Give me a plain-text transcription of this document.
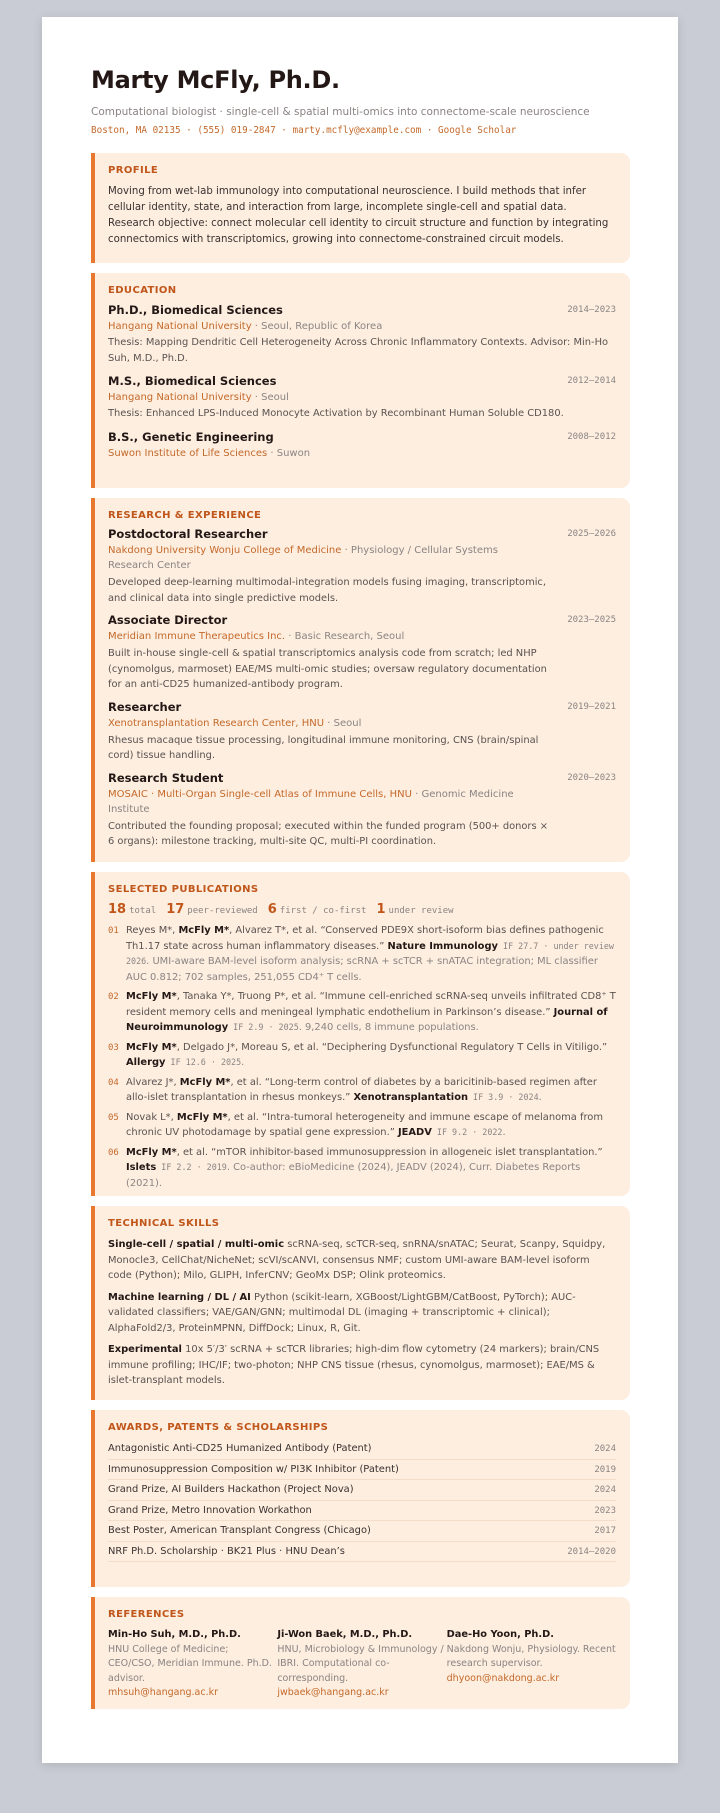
Marty McFly, Ph.D.
Computational biologist · single-cell & spatial multi-omics into connectome-scale neuroscience
Boston, MA 02135 · (555) 019-2847 · marty.mcfly@example.com · Google Scholar
PROFILE
Moving from wet-lab immunology into computational neuroscience. I build methods that infer cellular identity, state, and interaction from large, incomplete single-cell and spatial data. Research objective: connect molecular cell identity to circuit structure and function by integrating connectomics with transcriptomics, growing into connectome-constrained circuit models.
EDUCATION
Ph.D., Biomedical Sciences	2014–2023
Hangang National University · Seoul, Republic of Korea
Thesis: Mapping Dendritic Cell Heterogeneity Across Chronic Inflammatory Contexts. Advisor: Min-Ho Suh, M.D., Ph.D.
M.S., Biomedical Sciences	2012–2014
Hangang National University · Seoul
Thesis: Enhanced LPS-Induced Monocyte Activation by Recombinant Human Soluble CD180.
B.S., Genetic Engineering	2008–2012
Suwon Institute of Life Sciences · Suwon
RESEARCH & EXPERIENCE
Postdoctoral Researcher	2025–2026
Nakdong University Wonju College of Medicine · Physiology / Cellular Systems Research Center
Developed deep-learning multimodal-integration models fusing imaging, transcriptomic, and clinical data into single predictive models.
Associate Director	2023–2025
Meridian Immune Therapeutics Inc. · Basic Research, Seoul
Built in-house single-cell & spatial transcriptomics analysis code from scratch; led NHP (cynomolgus, marmoset) EAE/MS multi-omic studies; oversaw regulatory documentation for an anti-CD25 humanized-antibody program.
Researcher	2019–2021
Xenotransplantation Research Center, HNU · Seoul
Rhesus macaque tissue processing, longitudinal immune monitoring, CNS (brain/spinal cord) tissue handling.
Research Student	2020–2023
MOSAIC · Multi-Organ Single-cell Atlas of Immune Cells, HNU · Genomic Medicine Institute
Contributed the founding proposal; executed within the funded program (500+ donors × 6 organs): milestone tracking, multi-site QC, multi-PI coordination.
SELECTED PUBLICATIONS
18 total 17 peer-reviewed 6 first / co-first 1 under review
01 Reyes M*, McFly M*, Alvarez T*, et al. “Conserved PDE9X short-isoform bias defines pathogenic Th1.17 state across human inflammatory diseases.” Nature Immunology IF 27.7 · under review 2026. UMI-aware BAM-level isoform analysis; scRNA + scTCR + snATAC integration; ML classifier AUC 0.812; 702 samples, 251,055 CD4⁺ T cells.
02 McFly M*, Tanaka Y*, Truong P*, et al. “Immune cell-enriched scRNA-seq unveils infiltrated CD8⁺ T resident memory cells and meningeal lymphatic endothelium in Parkinson’s disease.” Journal of Neuroimmunology IF 2.9 · 2025. 9,240 cells, 8 immune populations.
03 McFly M*, Delgado J*, Moreau S, et al. “Deciphering Dysfunctional Regulatory T Cells in Vitiligo.” Allergy IF 12.6 · 2025.
04 Alvarez J*, McFly M*, et al. “Long-term control of diabetes by a baricitinib-based regimen after allo-islet transplantation in rhesus monkeys.” Xenotransplantation IF 3.9 · 2024.
05 Novak L*, McFly M*, et al. “Intra-tumoral heterogeneity and immune escape of melanoma from chronic UV photodamage by spatial gene expression.” JEADV IF 9.2 · 2022.
06 McFly M*, et al. “mTOR inhibitor-based immunosuppression in allogeneic islet transplantation.” Islets IF 2.2 · 2019. Co-author: eBioMedicine (2024), JEADV (2024), Curr. Diabetes Reports (2021).
TECHNICAL SKILLS
Single-cell / spatial / multi-omic scRNA-seq, scTCR-seq, snRNA/snATAC; Seurat, Scanpy, Squidpy, Monocle3, CellChat/NicheNet; scVI/scANVI, consensus NMF; custom UMI-aware BAM-level isoform code (Python); Milo, GLIPH, InferCNV; GeoMx DSP; Olink proteomics.
Machine learning / DL / AI Python (scikit-learn, XGBoost/LightGBM/CatBoost, PyTorch); AUC-validated classifiers; VAE/GAN/GNN; multimodal DL (imaging + transcriptomic + clinical); AlphaFold2/3, ProteinMPNN, DiffDock; Linux, R, Git.
Experimental 10x 5′/3′ scRNA + scTCR libraries; high-dim flow cytometry (24 markers); brain/CNS immune profiling; IHC/IF; two-photon; NHP CNS tissue (rhesus, cynomolgus, marmoset); EAE/MS & islet-transplant models.
AWARDS, PATENTS & SCHOLARSHIPS
Antagonistic Anti-CD25 Humanized Antibody (Patent)	2024
Immunosuppression Composition w/ PI3K Inhibitor (Patent)	2019
Grand Prize, AI Builders Hackathon (Project Nova)	2024
Grand Prize, Metro Innovation Workathon	2023
Best Poster, American Transplant Congress (Chicago)	2017
NRF Ph.D. Scholarship · BK21 Plus · HNU Dean’s	2014–2020
REFERENCES
Min-Ho Suh, M.D., Ph.D.
HNU College of Medicine; CEO/CSO, Meridian Immune. Ph.D. advisor.
mhsuh@hangang.ac.kr
Ji-Won Baek, M.D., Ph.D.
HNU, Microbiology & Immunology / IBRI. Computational co-corresponding.
jwbaek@hangang.ac.kr
Dae-Ho Yoon, Ph.D.
Nakdong Wonju, Physiology. Recent research supervisor.
dhyoon@nakdong.ac.kr
